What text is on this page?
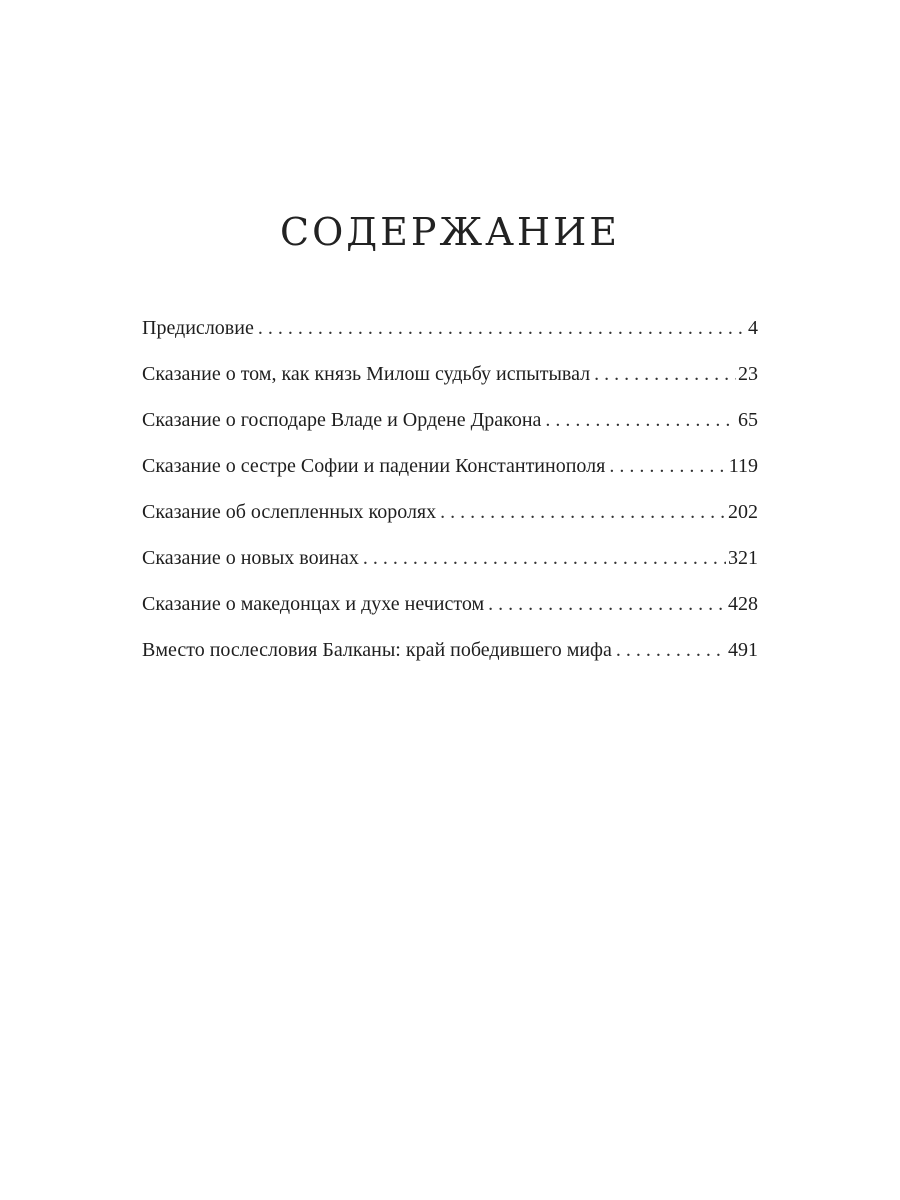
СОДЕРЖАНИЕ
Предисловие . . .	4
Сказание о том, как князь Милош судьбу испытывал . . .	23
Сказание о господаре Владе и Ордене Дракона . . .	65
Сказание о сестре Софии и падении Константинополя . . .	119
Сказание об ослепленных королях . . .	202
Сказание о новых воинах . . .	321
Сказание о македонцах и духе нечистом . . .	428
Вместо послесловия Балканы: край победившего мифа . . .	491
